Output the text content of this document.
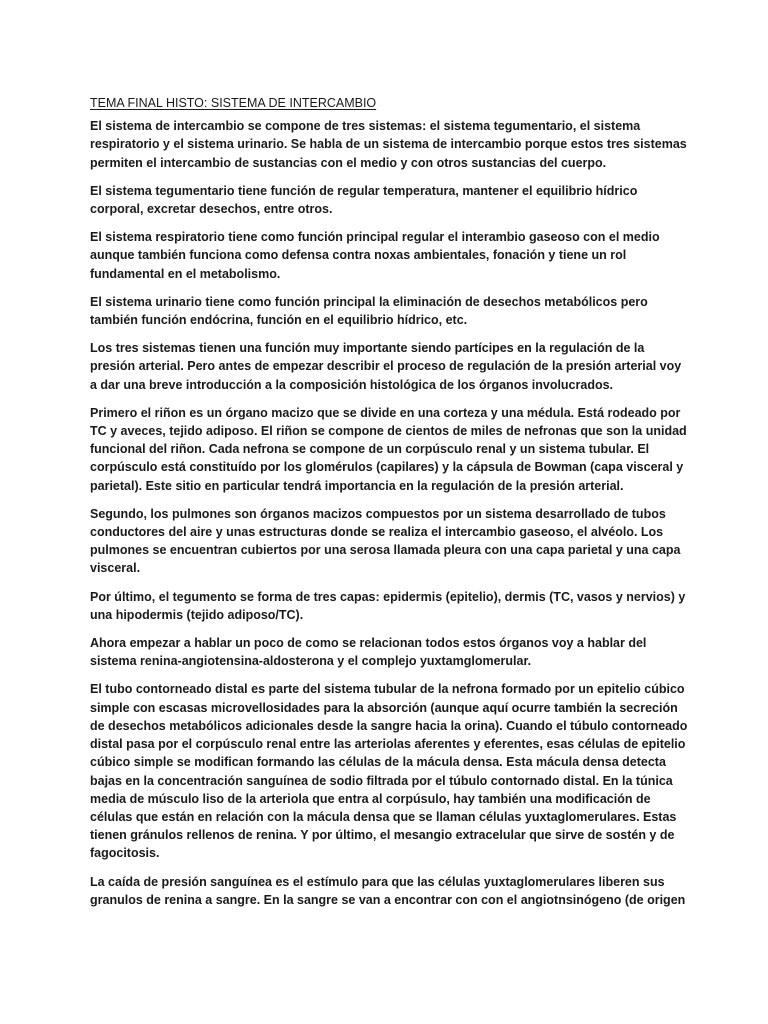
TEMA FINAL HISTO: SISTEMA DE INTERCAMBIO

El sistema de intercambio se compone de tres sistemas: el sistema tegumentario, el sistema respiratorio y el sistema urinario. Se habla de un sistema de intercambio porque estos tres sistemas permiten el intercambio de sustancias con el medio y con otros sustancias del cuerpo.

El sistema tegumentario tiene función de regular temperatura, mantener el equilibrio hídrico corporal, excretar desechos, entre otros.

El sistema respiratorio tiene como función principal regular el interambio gaseoso con el medio aunque también funciona como defensa contra noxas ambientales, fonación y tiene un rol fundamental en el metabolismo.

El sistema urinario tiene como función principal la eliminación de desechos metabólicos pero también función endócrina, función en el equilibrio hídrico, etc.

Los tres sistemas tienen una función muy importante siendo partícipes en la regulación de la presión arterial. Pero antes de empezar describir el proceso de regulación de la presión arterial voy a dar una breve introducción a la composición histológica de los órganos involucrados.

Primero el riñon es un órgano macizo que se divide en una corteza y una médula. Está rodeado por TC y aveces, tejido adiposo. El riñon se compone de cientos de miles de nefronas que son la unidad funcional del riñon. Cada nefrona se compone de un corpúsculo renal y un sistema tubular. El corpúsculo está constituído por los glomérulos (capilares) y la cápsula de Bowman (capa visceral y parietal). Este sitio en particular tendrá importancia en la regulación de la presión arterial.

Segundo, los pulmones son órganos macizos compuestos por un sistema desarrollado de tubos conductores del aire y unas estructuras donde se realiza el intercambio gaseoso, el alvéolo. Los pulmones se encuentran cubiertos por una serosa llamada pleura con una capa parietal y una capa visceral.

Por último, el tegumento se forma de tres capas: epidermis (epitelio), dermis (TC, vasos y nervios) y una hipodermis (tejido adiposo/TC).

Ahora empezar a hablar un poco de como se relacionan todos estos órganos voy a hablar del sistema renina-angiotensina-aldosterona y el complejo yuxtamglomerular.

El tubo contorneado distal es parte del sistema tubular de la nefrona formado por un epitelio cúbico simple con escasas microvellosidades para la absorción (aunque aquí ocurre también la secreción de desechos metabólicos adicionales desde la sangre hacia la orina). Cuando el túbulo contorneado distal pasa por el corpúsculo renal entre las arteriolas aferentes y eferentes, esas células de epitelio cúbico simple se modifican formando las células de la mácula densa. Esta mácula densa detecta bajas en la concentración sanguínea de sodio filtrada por el túbulo contornado distal. En la túnica media de músculo liso de la arteriola que entra al corpúsulo, hay también una modificación de células que están en relación con la mácula densa que se llaman células yuxtaglomerulares. Estas tienen gránulos rellenos de renina. Y por último, el mesangio extracelular que sirve de sostén y de fagocitosis.

La caída de presión sanguínea es el estímulo para que las células yuxtaglomerulares liberen sus granulos de renina a sangre. En la sangre se van a encontrar con con el angiotnsinógeno (de origen
